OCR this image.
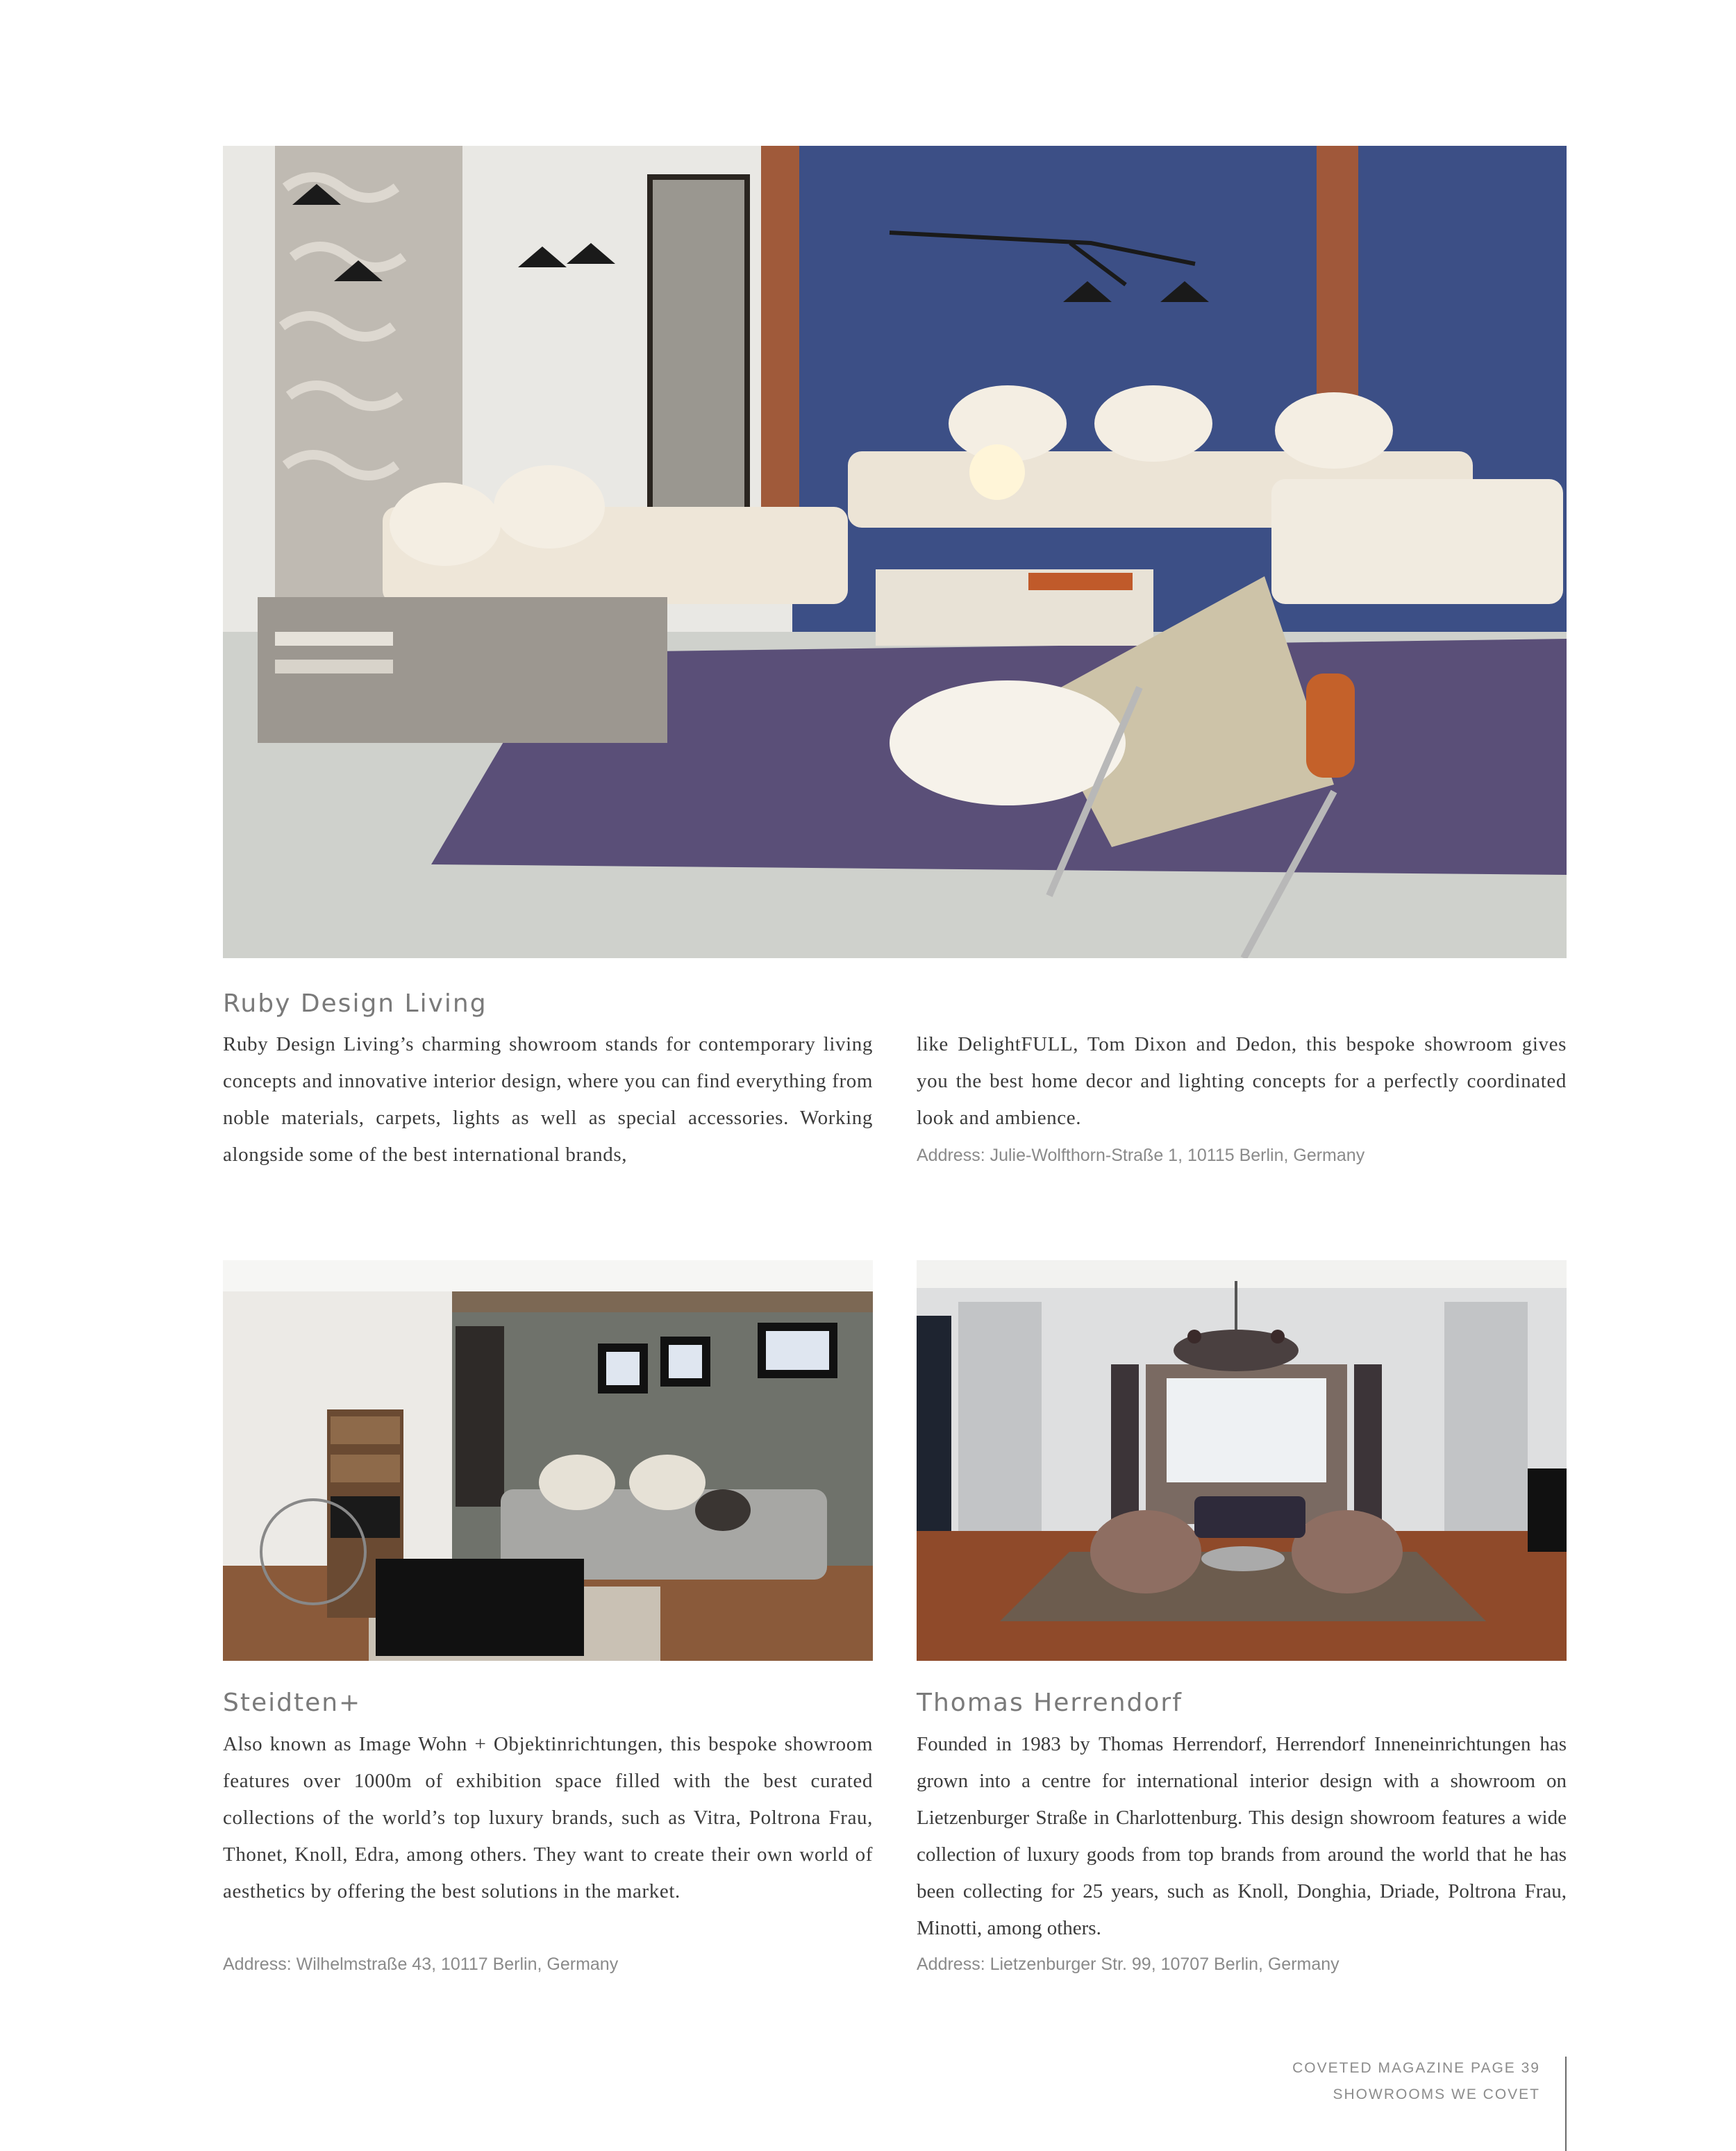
Ruby Design Living

Ruby Design Living’s charming showroom stands for contemporary living concepts and innovative interior design, where you can find everything from noble materials, carpets, lights as well as special accessories. Working alongside some of the best international brands,

like DelightFULL, Tom Dixon and Dedon, this bespoke showroom gives you the best home decor and lighting concepts for a perfectly coordinated look and ambience.

Address: Julie-Wolfthorn-Straße 1, 10115 Berlin, Germany

Steidten+

Also known as Image Wohn + Objektinrichtungen, this bespoke showroom features over 1000m of exhibition space filled with the best curated collections of the world’s top luxury brands, such as Vitra, Poltrona Frau, Thonet, Knoll, Edra, among others. They want to create their own world of aesthetics by offering the best solutions in the market.

Address: Wilhelmstraße 43, 10117 Berlin, Germany

Thomas Herrendorf

Founded in 1983 by Thomas Herrendorf, Herrendorf Inneneinrichtungen has grown into a centre for international interior design with a showroom on Lietzenburger Straße in Charlottenburg. This design showroom features a wide collection of luxury goods from top brands from around the world that he has been collecting for 25 years, such as Knoll, Donghia, Driade, Poltrona Frau, Minotti, among others.

Address: Lietzenburger Str. 99, 10707 Berlin, Germany

COVETED MAGAZINE PAGE 39
SHOWROOMS WE COVET
